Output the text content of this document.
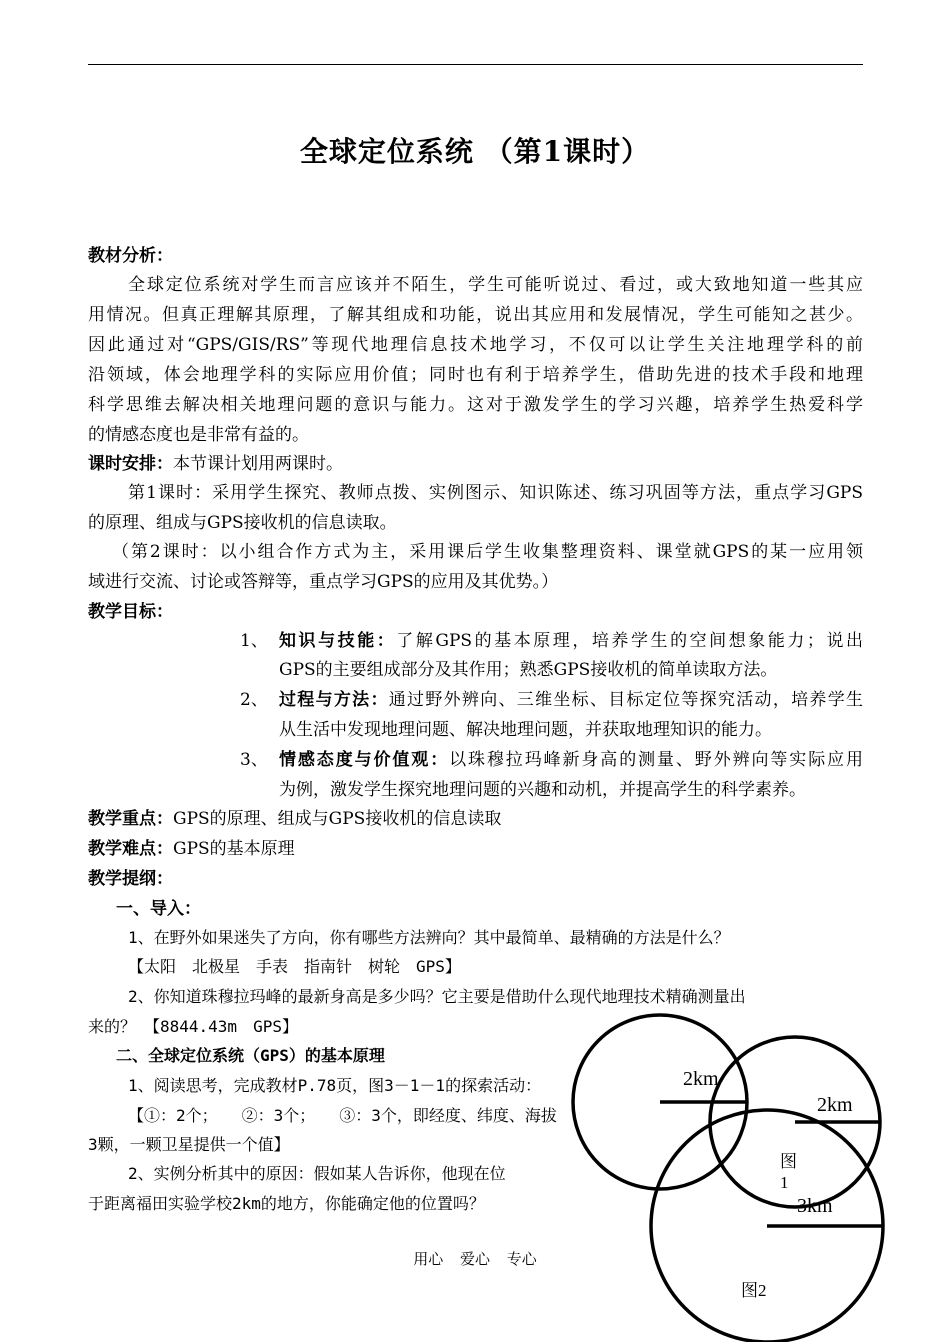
全球定位系统 （第1课时）
教材分析：
全球定位系统对学生而言应该并不陌生，学生可能听说过、看过，或大致地知道一些其应
用情况。但真正理解其原理，了解其组成和功能，说出其应用和发展情况，学生可能知之甚少。
因此通过对“GPS/GIS/RS”等现代地理信息技术地学习，不仅可以让学生关注地理学科的前
沿领域，体会地理学科的实际应用价值；同时也有利于培养学生，借助先进的技术手段和地理
科学思维去解决相关地理问题的意识与能力。这对于激发学生的学习兴趣，培养学生热爱科学
的情感态度也是非常有益的。
课时安排：本节课计划用两课时。
第1课时：采用学生探究、教师点拨、实例图示、知识陈述、练习巩固等方法，重点学习GPS
的原理、组成与GPS接收机的信息读取。
（第2课时：以小组合作方式为主，采用课后学生收集整理资料、课堂就GPS的某一应用领
域进行交流、讨论或答辩等，重点学习GPS的应用及其优势。）
教学目标：
1、 知识与技能：了解GPS的基本原理，培养学生的空间想象能力；说出
GPS的主要组成部分及其作用；熟悉GPS接收机的简单读取方法。
2、 过程与方法：通过野外辨向、三维坐标、目标定位等探究活动，培养学生
从生活中发现地理问题、解决地理问题，并获取地理知识的能力。
3、 情感态度与价值观：以珠穆拉玛峰新身高的测量、野外辨向等实际应用
为例，激发学生探究地理问题的兴趣和动机，并提高学生的科学素养。
教学重点：GPS的原理、组成与GPS接收机的信息读取
教学难点：GPS的基本原理
教学提纲：
一、导入：
1、在野外如果迷失了方向，你有哪些方法辨向？其中最简单、最精确的方法是什么？
【太阳　北极星　手表　指南针　树轮　GPS】
2、你知道珠穆拉玛峰的最新身高是多少吗？它主要是借助什么现代地理技术精确测量出
来的？　【8844.43m　GPS】
二、全球定位系统（GPS）的基本原理
1、阅读思考，完成教材P.78页，图3－1－1的探索活动：
【①：2个；　　②：3个；　　③：3个，即经度、纬度、海拔
3颗，一颗卫星提供一个值】
2、实例分析其中的原因：假如某人告诉你，他现在位
于距离福田实验学校2km的地方，你能确定他的位置吗？
2km
2km
3km
图
1
图2
用心 爱心 专心
